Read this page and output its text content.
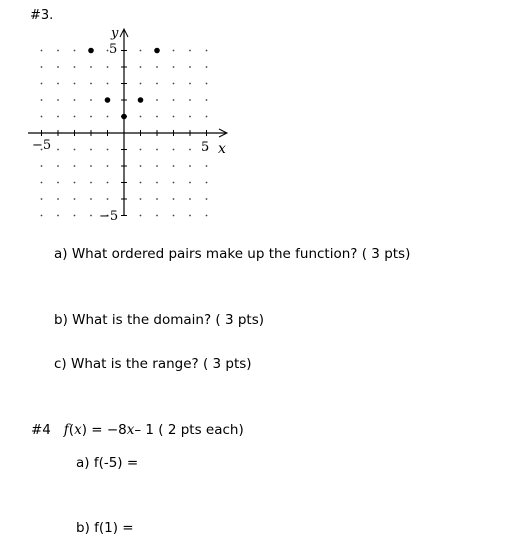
#3.
y
5
−5	5 x
−5
a) What ordered pairs make up the function? ( 3 pts)
b) What is the domain? ( 3 pts)
c) What is the range? ( 3 pts)
#4 f(x) = −8x– 1 ( 2 pts each)
a) f(-5) =
b) f(1) =
